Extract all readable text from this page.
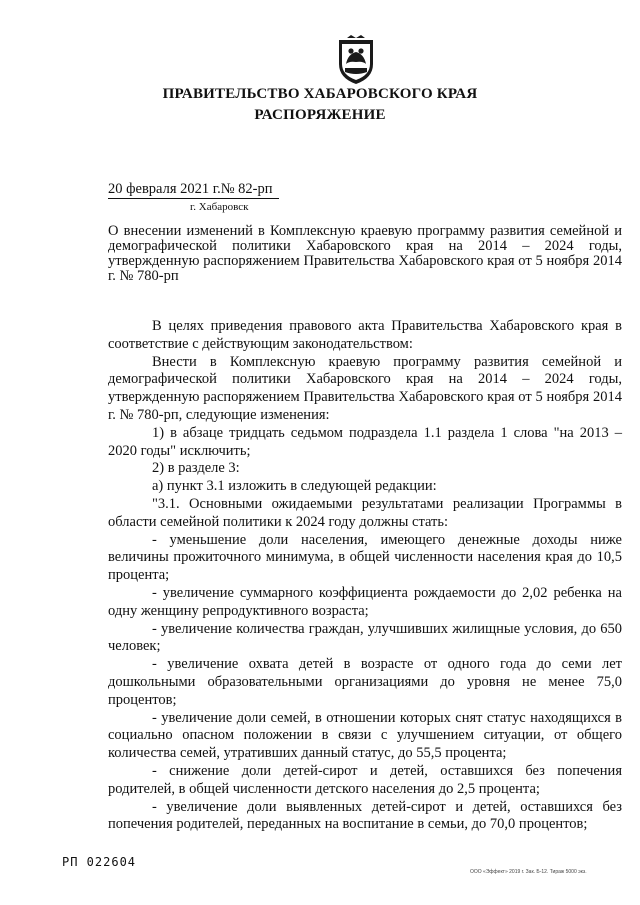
ПРАВИТЕЛЬСТВО ХАБАРОВСКОГО КРАЯ
РАСПОРЯЖЕНИЕ
20 февраля 2021 г.№ 82-рп
г. Хабаровск
О внесении изменений в Комплексную краевую программу развития семейной и демографической политики Хабаровского края на 2014 – 2024 годы, утвержденную распоряжением Правительства Хабаровского края от 5 ноября 2014 г. № 780-рп

В целях приведения правового акта Правительства Хабаровского края в соответствие с действующим законодательством:

Внести в Комплексную краевую программу развития семейной и демографической политики Хабаровского края на 2014 – 2024 годы, утвержденную распоряжением Правительства Хабаровского края от 5 ноября 2014 г. № 780-рп, следующие изменения:

1) в абзаце тридцать седьмом подраздела 1.1 раздела 1 слова "на 2013 – 2020 годы" исключить;

2) в разделе 3:

а) пункт 3.1 изложить в следующей редакции:

"3.1. Основными ожидаемыми результатами реализации Программы в области семейной политики к 2024 году должны стать:

- уменьшение доли населения, имеющего денежные доходы ниже величины прожиточного минимума, в общей численности населения края до 10,5 процента;

- увеличение суммарного коэффициента рождаемости до 2,02 ребенка на одну женщину репродуктивного возраста;

- увеличение количества граждан, улучшивших жилищные условия, до 650 человек;

- увеличение охвата детей в возрасте от одного года до семи лет дошкольными образовательными организациями до уровня не менее 75,0 процентов;

- увеличение доли семей, в отношении которых снят статус находящихся в социально опасном положении в связи с улучшением ситуации, от общего количества семей, утративших данный статус, до 55,5 процента;

- снижение доли детей-сирот и детей, оставшихся без попечения родителей, в общей численности детского населения до 2,5 процента;

- увеличение доли выявленных детей-сирот и детей, оставшихся без попечения родителей, переданных на воспитание в семьи, до 70,0 процентов;

РП 022604
ООО «Эффект» 2019 г. Зак. Б-12. Тираж 5000 экз.
